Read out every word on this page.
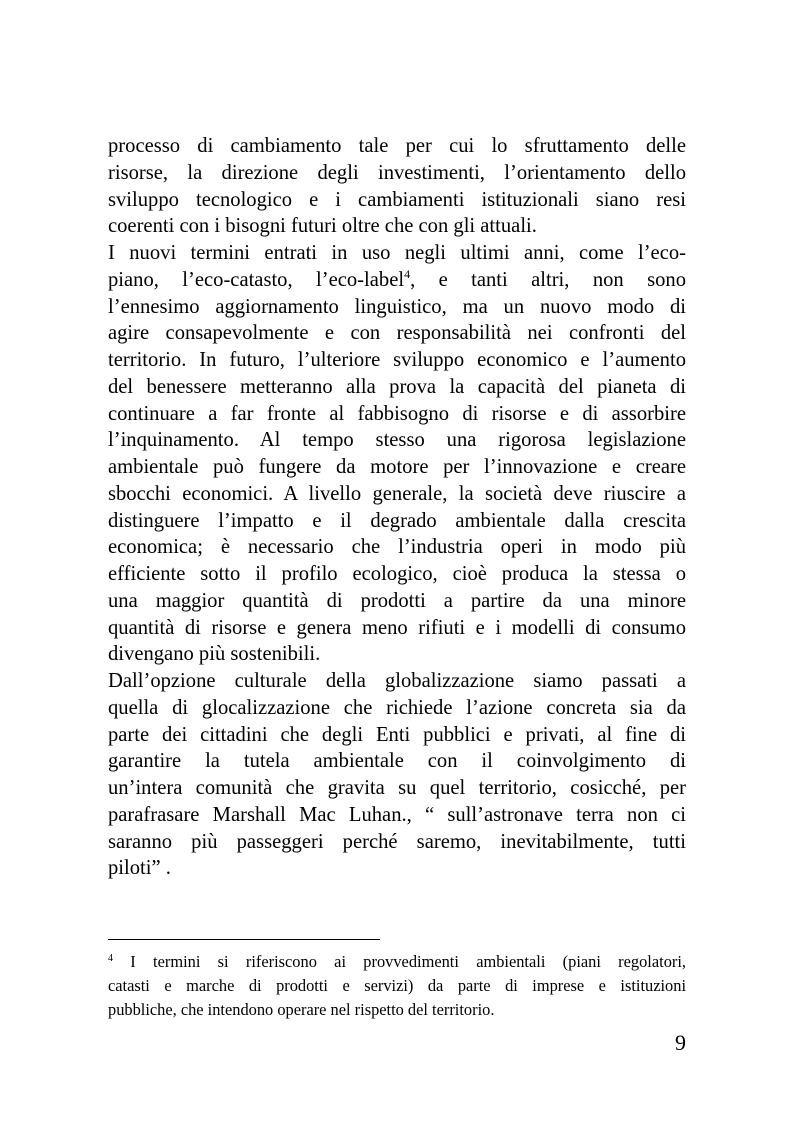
processo di cambiamento tale per cui lo sfruttamento delle
risorse, la direzione degli investimenti, l’orientamento dello
sviluppo tecnologico e i cambiamenti istituzionali siano resi
coerenti con i bisogni futuri oltre che con gli attuali.
I nuovi termini entrati in uso negli ultimi anni, come l’eco-
piano, l’eco-catasto, l’eco-label$^4$, e tanti altri, non sono
l’ennesimo aggiornamento linguistico, ma un nuovo modo di
agire consapevolmente e con responsabilità nei confronti del
territorio. In futuro, l’ulteriore sviluppo economico e l’aumento
del benessere metteranno alla prova la capacità del pianeta di
continuare a far fronte al fabbisogno di risorse e di assorbire
l’inquinamento. Al tempo stesso una rigorosa legislazione
ambientale può fungere da motore per l’innovazione e creare
sbocchi economici. A livello generale, la società deve riuscire a
distinguere l’impatto e il degrado ambientale dalla crescita
economica; è necessario che l’industria operi in modo più
efficiente sotto il profilo ecologico, cioè produca la stessa o
una maggior quantità di prodotti a partire da una minore
quantità di risorse e genera meno rifiuti e i modelli di consumo
divengano più sostenibili.
Dall’opzione culturale della globalizzazione siamo passati a
quella di glocalizzazione che richiede l’azione concreta sia da
parte dei cittadini che degli Enti pubblici e privati, al fine di
garantire la tutela ambientale con il coinvolgimento di
un’intera comunità che gravita su quel territorio, cosicché, per
parafrasare Marshall Mac Luhan., “ sull’astronave terra non ci
saranno più passeggeri perché saremo, inevitabilmente, tutti
piloti” .
$^4$ I termini si riferiscono ai provvedimenti ambientali (piani regolatori,
catasti e marche di prodotti e servizi) da parte di imprese e istituzioni
pubbliche, che intendono operare nel rispetto del territorio.
9
